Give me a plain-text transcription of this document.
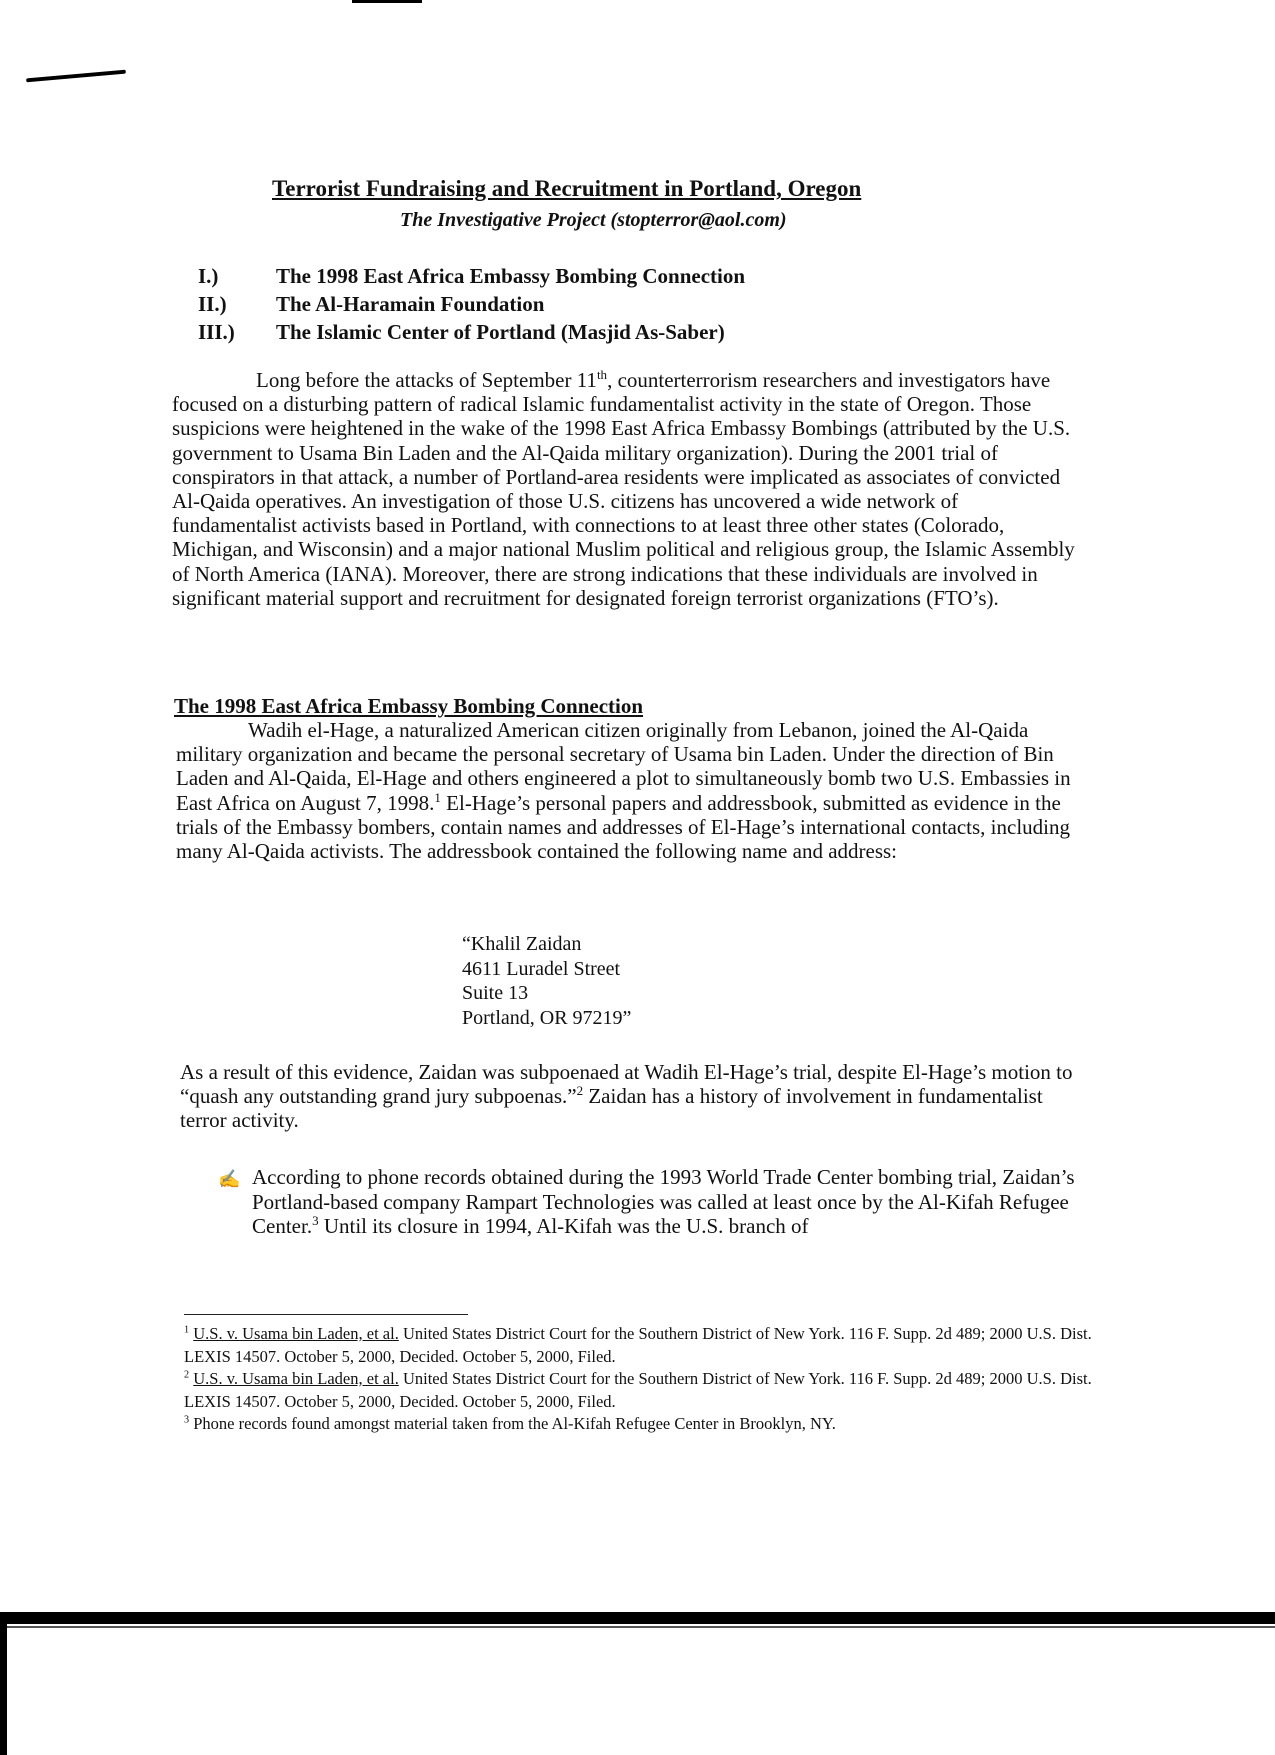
Terrorist Fundraising and Recruitment in Portland, Oregon
The Investigative Project (stopterror@aol.com)
I.)	The 1998 East Africa Embassy Bombing Connection
II.)	The Al-Haramain Foundation
III.)	The Islamic Center of Portland (Masjid As-Saber)

Long before the attacks of September 11th, counterterrorism researchers and investigators have focused on a disturbing pattern of radical Islamic fundamentalist activity in the state of Oregon. Those suspicions were heightened in the wake of the 1998 East Africa Embassy Bombings (attributed by the U.S. government to Usama Bin Laden and the Al-Qaida military organization). During the 2001 trial of conspirators in that attack, a number of Portland-area residents were implicated as associates of convicted Al-Qaida operatives. An investigation of those U.S. citizens has uncovered a wide network of fundamentalist activists based in Portland, with connections to at least three other states (Colorado, Michigan, and Wisconsin) and a major national Muslim political and religious group, the Islamic Assembly of North America (IANA). Moreover, there are strong indications that these individuals are involved in significant material support and recruitment for designated foreign terrorist organizations (FTO’s).

The 1998 East Africa Embassy Bombing Connection

Wadih el-Hage, a naturalized American citizen originally from Lebanon, joined the Al-Qaida military organization and became the personal secretary of Usama bin Laden. Under the direction of Bin Laden and Al-Qaida, El-Hage and others engineered a plot to simultaneously bomb two U.S. Embassies in East Africa on August 7, 1998.$^1$ El-Hage’s personal papers and addressbook, submitted as evidence in the trials of the Embassy bombers, contain names and addresses of El-Hage’s international contacts, including many Al-Qaida activists. The addressbook contained the following name and address:

“Khalil Zaidan
4611 Luradel Street
Suite 13
Portland, OR 97219”

As a result of this evidence, Zaidan was subpoenaed at Wadih El-Hage’s trial, despite El-Hage’s motion to “quash any outstanding grand jury subpoenas.”$^2$ Zaidan has a history of involvement in fundamentalist terror activity.

✍ According to phone records obtained during the 1993 World Trade Center bombing trial, Zaidan’s Portland-based company Rampart Technologies was called at least once by the Al-Kifah Refugee Center.$^3$ Until its closure in 1994, Al-Kifah was the U.S. branch of

$^1$ U.S. v. Usama bin Laden, et al. United States District Court for the Southern District of New York. 116 F. Supp. 2d 489; 2000 U.S. Dist. LEXIS 14507. October 5, 2000, Decided. October 5, 2000, Filed.

$^2$ U.S. v. Usama bin Laden, et al. United States District Court for the Southern District of New York. 116 F. Supp. 2d 489; 2000 U.S. Dist. LEXIS 14507. October 5, 2000, Decided. October 5, 2000, Filed.

$^3$ Phone records found amongst material taken from the Al-Kifah Refugee Center in Brooklyn, NY.
